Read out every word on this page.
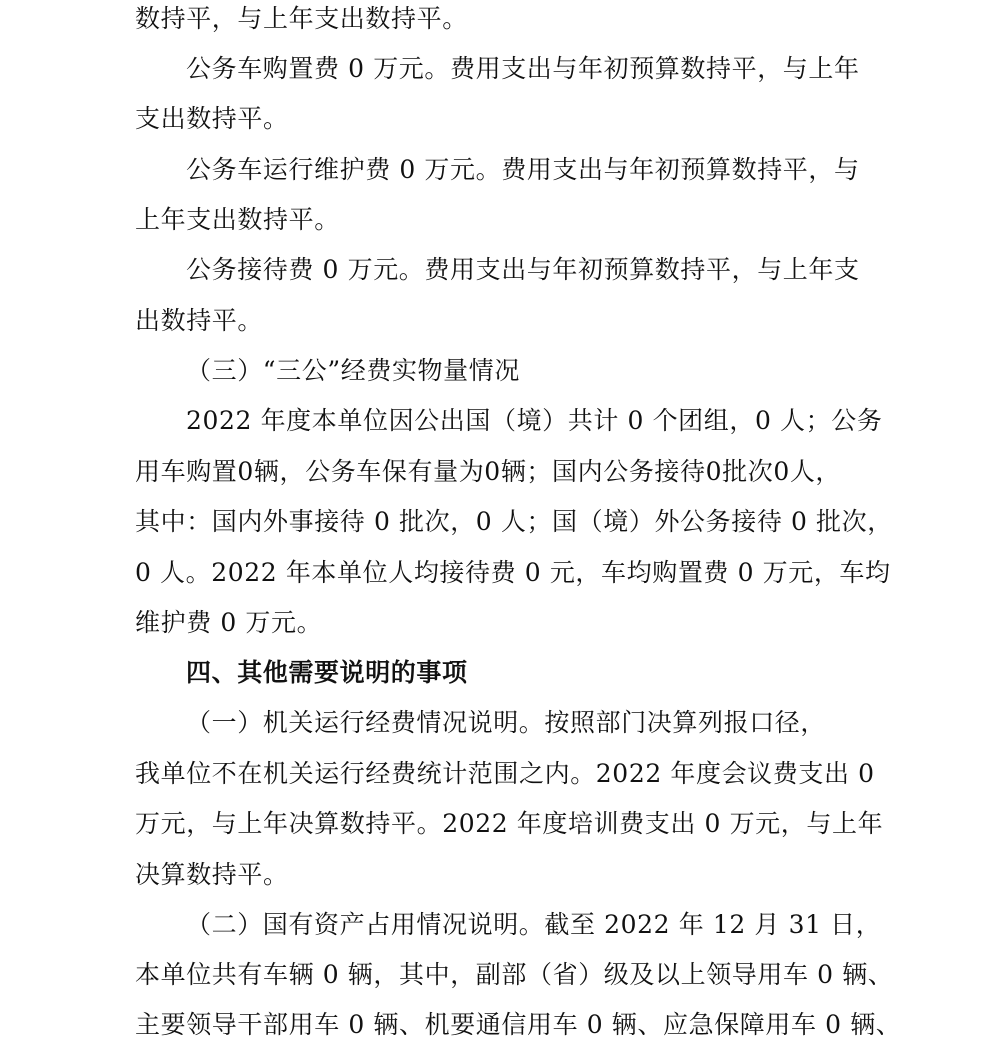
数持平，与上年支出数持平。
公务车购置费 0 万元。费用支出与年初预算数持平，与上年
支出数持平。
公务车运行维护费 0 万元。费用支出与年初预算数持平，与
上年支出数持平。
公务接待费 0 万元。费用支出与年初预算数持平，与上年支
出数持平。
（三）“三公”经费实物量情况
2022 年度本单位因公出国（境）共计 0 个团组，0 人；公务
用车购置0辆，公务车保有量为0辆；国内公务接待0批次0人，
其中：国内外事接待 0 批次，0 人；国（境）外公务接待 0 批次，
0 人。2022 年本单位人均接待费 0 元，车均购置费 0 万元，车均
维护费 0 万元。
四、其他需要说明的事项
（一）机关运行经费情况说明。按照部门决算列报口径，
我单位不在机关运行经费统计范围之内。2022 年度会议费支出 0
万元，与上年决算数持平。2022 年度培训费支出 0 万元，与上年
决算数持平。
（二）国有资产占用情况说明。截至 2022 年 12 月 31 日，
本单位共有车辆 0 辆，其中，副部（省）级及以上领导用车 0 辆、
主要领导干部用车 0 辆、机要通信用车 0 辆、应急保障用车 0 辆、
